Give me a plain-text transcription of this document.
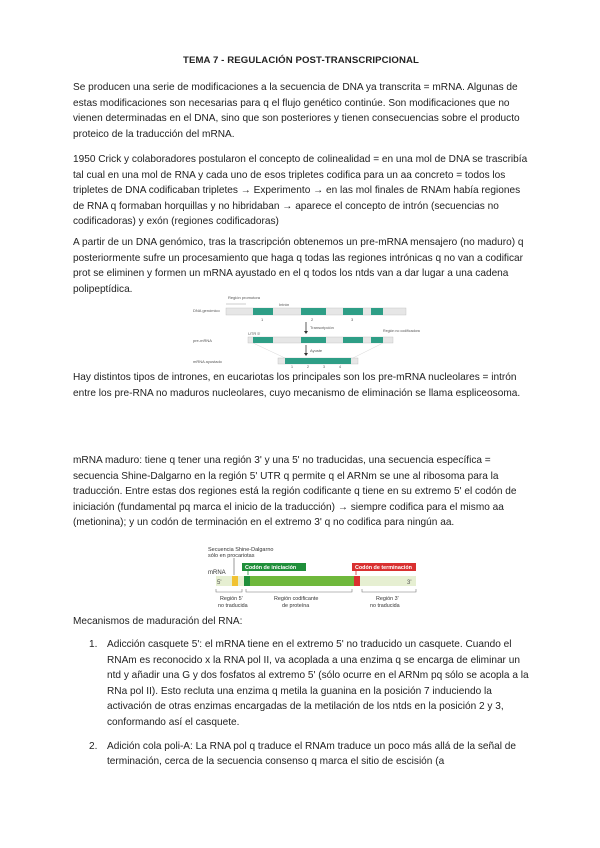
TEMA 7 - REGULACIÓN POST-TRANSCRIPCIONAL

Se producen una serie de modificaciones a la secuencia de DNA ya transcrita = mRNA. Algunas de estas modificaciones son necesarias para q el flujo genético continúe. Son modificaciones que no vienen determinadas en el DNA, sino que son posteriores y tienen consecuencias sobre el producto proteico de la traducción del mRNA.

1950 Crick y colaboradores postularon el concepto de colinealidad = en una mol de DNA se trascribía tal cual en una mol de RNA y cada uno de esos tripletes codifica para un aa concreto = todos los tripletes de DNA codificaban tripletes → Experimento → en las mol finales de RNAm había regiones de RNA q formaban horquillas y no hibridaban → aparece el concepto de intrón (secuencias no codificadoras) y exón (regiones codificadoras)

A partir de un DNA genómico, tras la trascripción obtenemos un pre-mRNA mensajero (no maduro) q posteriormente sufre un procesamiento que haga q todas las regiones intrónicas q no van a codificar prot se eliminen y formen un mRNA ayustado en el q todos los ntds van a dar lugar a una cadena polipeptídica.

Región promotora
DNA genómico
Intrón
1	2	3
Transcripción
UTR 5'
pre-mRNA
Región no codificadora
Ayuste
mRNA ayustado
1	2	3	4

Hay distintos tipos de intrones, en eucariotas los principales son los pre-mRNA nucleolares = intrón entre los pre-RNA no maduros nucleolares, cuyo mecanismo de eliminación se llama espliceosoma.

mRNA maduro: tiene q tener una región 3' y una 5' no traducidas, una secuencia específica = secuencia Shine-Dalgarno en la región 5' UTR q permite q el ARNm se une al ribosoma para la traducción. Entre estas dos regiones está la región codificante q tiene en su extremo 5' el codón de iniciación (fundamental pq marca el inicio de la traducción) → siempre codifica para el mismo aa (metionina); y un codón de terminación en el extremo 3' q no codifica para ningún aa.

Secuencia Shine-Dalgarno
sólo en procariotas
Codón de iniciación	Codón de terminación
mRNA
5'	3'
Región 5'
no traducida
Región codificante
de proteína
Región 3'
no traducida

Mecanismos de maduración del RNA:

1. Adicción casquete 5': el mRNA tiene en el extremo 5' no traducido un casquete. Cuando el RNAm es reconocido x la RNA pol II, va acoplada a una enzima q se encarga de eliminar un ntd y añadir una G y dos fosfatos al extremo 5' (sólo ocurre en el ARNm pq sólo se acopla a la RNa pol II). Esto recluta una enzima q metila la guanina en la posición 7 induciendo la activación de otras enzimas encargadas de la metilación de los ntds en la posición 2 y 3, conformando así el casquete.
2. Adición cola poli-A: La RNA pol q traduce el RNAm traduce un poco más allá de la señal de terminación, cerca de la secuencia consenso q marca el sitio de escisión (a
